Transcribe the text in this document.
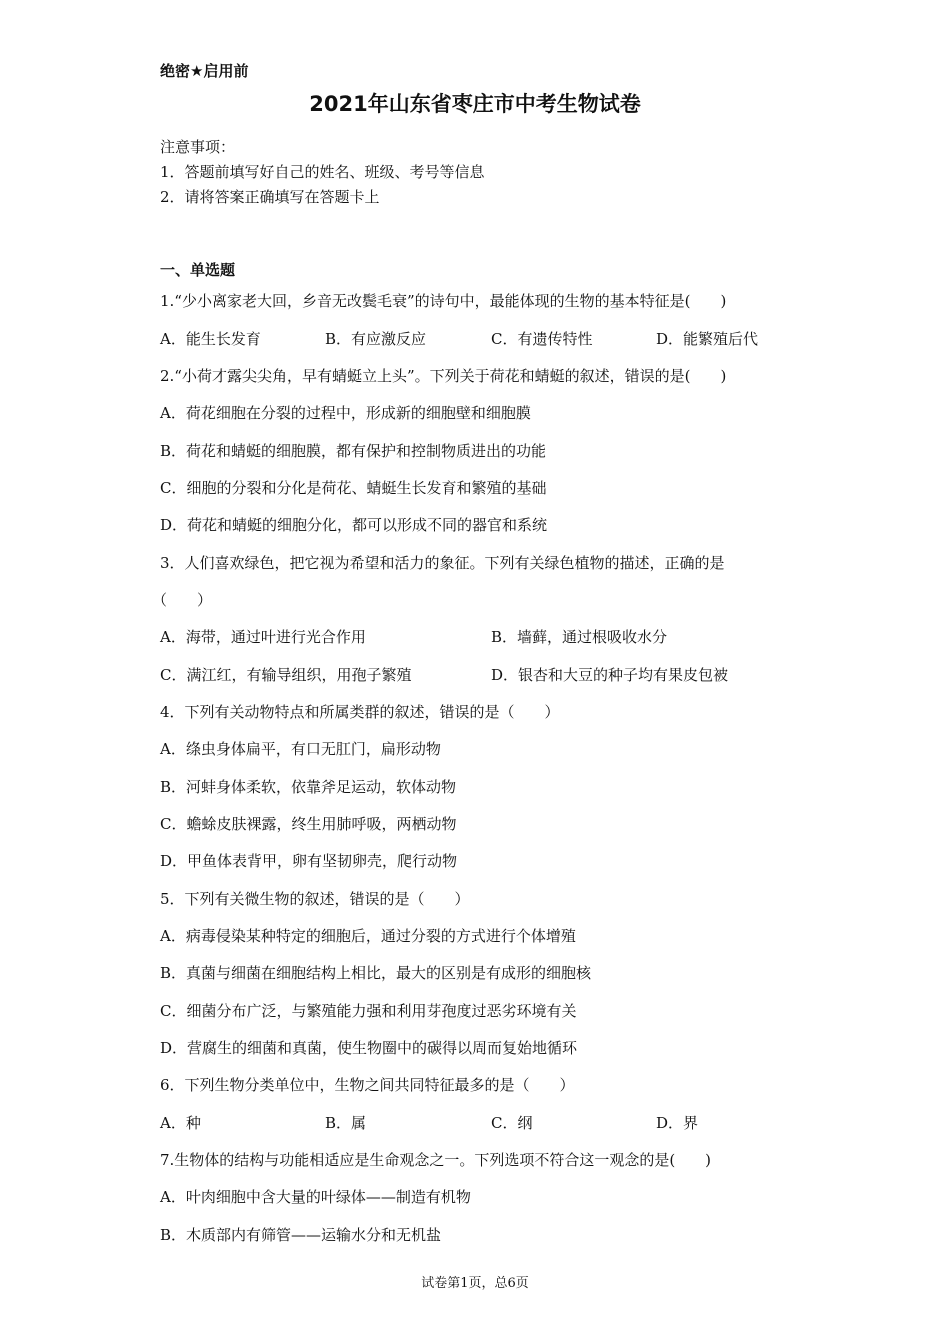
绝密★启用前
2021年山东省枣庄市中考生物试卷
注意事项：
1．答题前填写好自己的姓名、班级、考号等信息
2．请将答案正确填写在答题卡上
一、单选题
1.“少小离家老大回，乡音无改鬓毛衰”的诗句中，最能体现的生物的基本特征是(　　)
A．能生长发育	B．有应激反应	C．有遗传特性	D．能繁殖后代
2.“小荷才露尖尖角，早有蜻蜓立上头”。下列关于荷花和蜻蜓的叙述，错误的是(　　)
A．荷花细胞在分裂的过程中，形成新的细胞壁和细胞膜
B．荷花和蜻蜓的细胞膜，都有保护和控制物质进出的功能
C．细胞的分裂和分化是荷花、蜻蜓生长发育和繁殖的基础
D．荷花和蜻蜓的细胞分化，都可以形成不同的器官和系统
3．人们喜欢绿色，把它视为希望和活力的象征。下列有关绿色植物的描述，正确的是
（　　）
A．海带，通过叶进行光合作用	B．墙藓，通过根吸收水分
C．满江红，有输导组织，用孢子繁殖	D．银杏和大豆的种子均有果皮包被
4．下列有关动物特点和所属类群的叙述，错误的是（　　）
A．绦虫身体扁平，有口无肛门，扁形动物
B．河蚌身体柔软，依靠斧足运动，软体动物
C．蟾蜍皮肤裸露，终生用肺呼吸，两栖动物
D．甲鱼体表背甲，卵有坚韧卵壳，爬行动物
5．下列有关微生物的叙述，错误的是（　　）
A．病毒侵染某种特定的细胞后，通过分裂的方式进行个体增殖
B．真菌与细菌在细胞结构上相比，最大的区别是有成形的细胞核
C．细菌分布广泛，与繁殖能力强和利用芽孢度过恶劣环境有关
D．营腐生的细菌和真菌，使生物圈中的碳得以周而复始地循环
6．下列生物分类单位中，生物之间共同特征最多的是（　　）
A．种	B．属	C．纲	D．界
7.生物体的结构与功能相适应是生命观念之一。下列选项不符合这一观念的是(　　)
A．叶肉细胞中含大量的叶绿体——制造有机物
B．木质部内有筛管——运输水分和无机盐
试卷第1页，总6页
